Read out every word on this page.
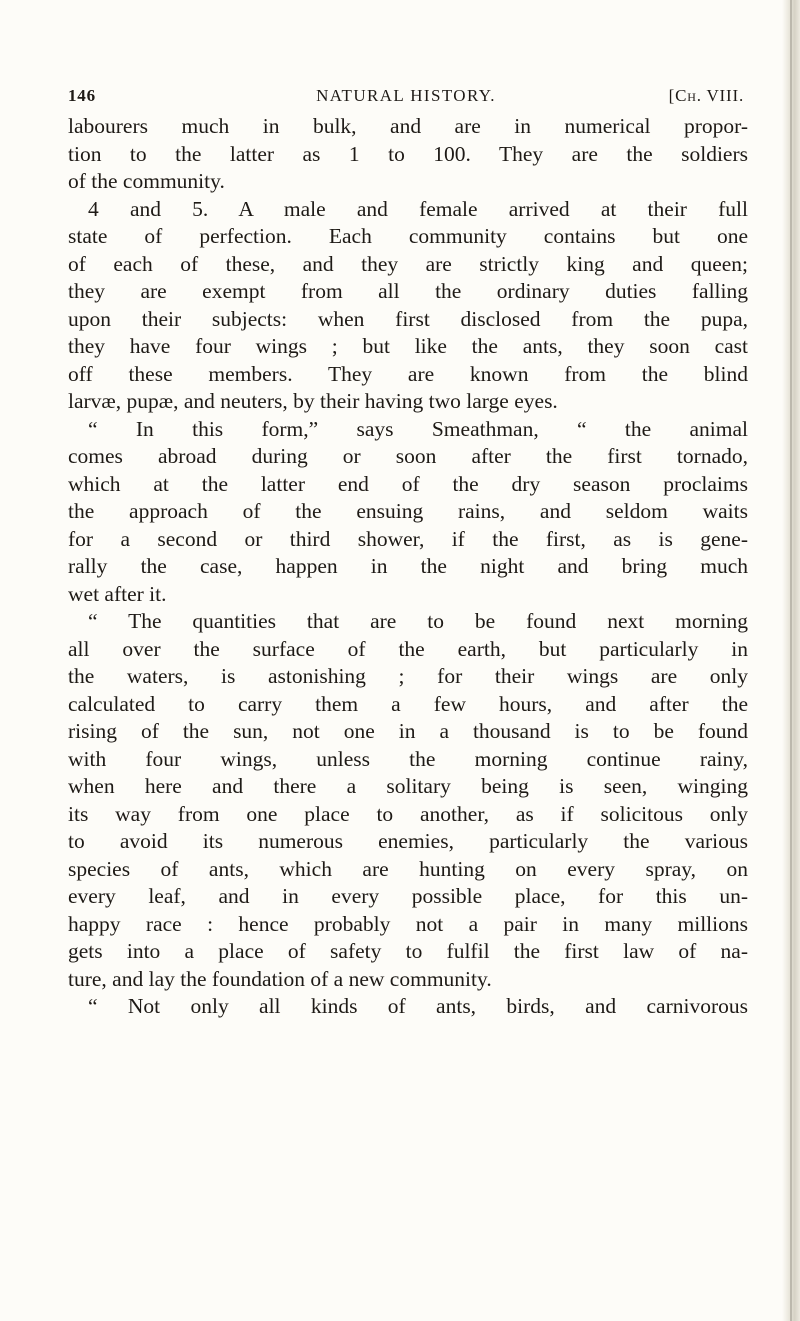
146	NATURAL HISTORY.	[Ch. VIII.
labourers much in bulk, and are in numerical propor-
tion to the latter as 1 to 100. They are the soldiers
of the community.
4 and 5. A male and female arrived at their full
state of perfection. Each community contains but one
of each of these, and they are strictly king and queen;
they are exempt from all the ordinary duties falling
upon their subjects: when first disclosed from the pupa,
they have four wings ; but like the ants, they soon cast
off these members. They are known from the blind
larvæ, pupæ, and neuters, by their having two large eyes.
“ In this form,” says Smeathman, “ the animal
comes abroad during or soon after the first tornado,
which at the latter end of the dry season proclaims
the approach of the ensuing rains, and seldom waits
for a second or third shower, if the first, as is gene-
rally the case, happen in the night and bring much
wet after it.
“ The quantities that are to be found next morning
all over the surface of the earth, but particularly in
the waters, is astonishing ; for their wings are only
calculated to carry them a few hours, and after the
rising of the sun, not one in a thousand is to be found
with four wings, unless the morning continue rainy,
when here and there a solitary being is seen, winging
its way from one place to another, as if solicitous only
to avoid its numerous enemies, particularly the various
species of ants, which are hunting on every spray, on
every leaf, and in every possible place, for this un-
happy race : hence probably not a pair in many millions
gets into a place of safety to fulfil the first law of na-
ture, and lay the foundation of a new community.
“ Not only all kinds of ants, birds, and carnivorous
